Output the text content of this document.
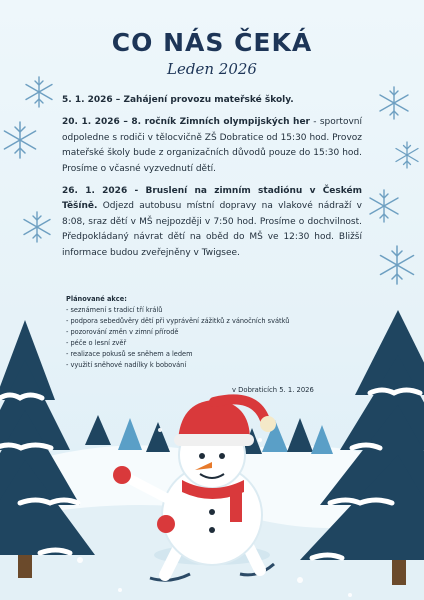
CO NÁS ČEKÁ
Leden 2026

5. 1. 2026 – Zahájení provozu mateřské školy.

20. 1. 2026 – 8. ročník Zimních olympijských her - sportovní odpoledne s rodiči v tělocvičně ZŠ Dobratice od 15:30 hod. Provoz mateřské školy bude z organizačních důvodů pouze do 15:30 hod. Prosíme o včasné vyzvednutí dětí.

26. 1. 2026 - Bruslení na zimním stadiónu v Českém Těšíně. Odjezd autobusu místní dopravy na vlakové nádraží v 8:08, sraz dětí v MŠ nejpozději v 7:50 hod. Prosíme o dochvilnost. Předpokládaný návrat dětí na oběd do MŠ ve 12:30 hod. Bližší informace budou zveřejněny v Twigsee.

Plánované akce:
- seznámení s tradicí tří králů
- podpora sebedůvěry dětí při vyprávění zážitků z vánočních svátků
- pozorování změn v zimní přírodě
- péče o lesní zvěř
- realizace pokusů se sněhem a ledem
- využití sněhové nadílky k bobování
v Dobraticích 5. 1. 2026
